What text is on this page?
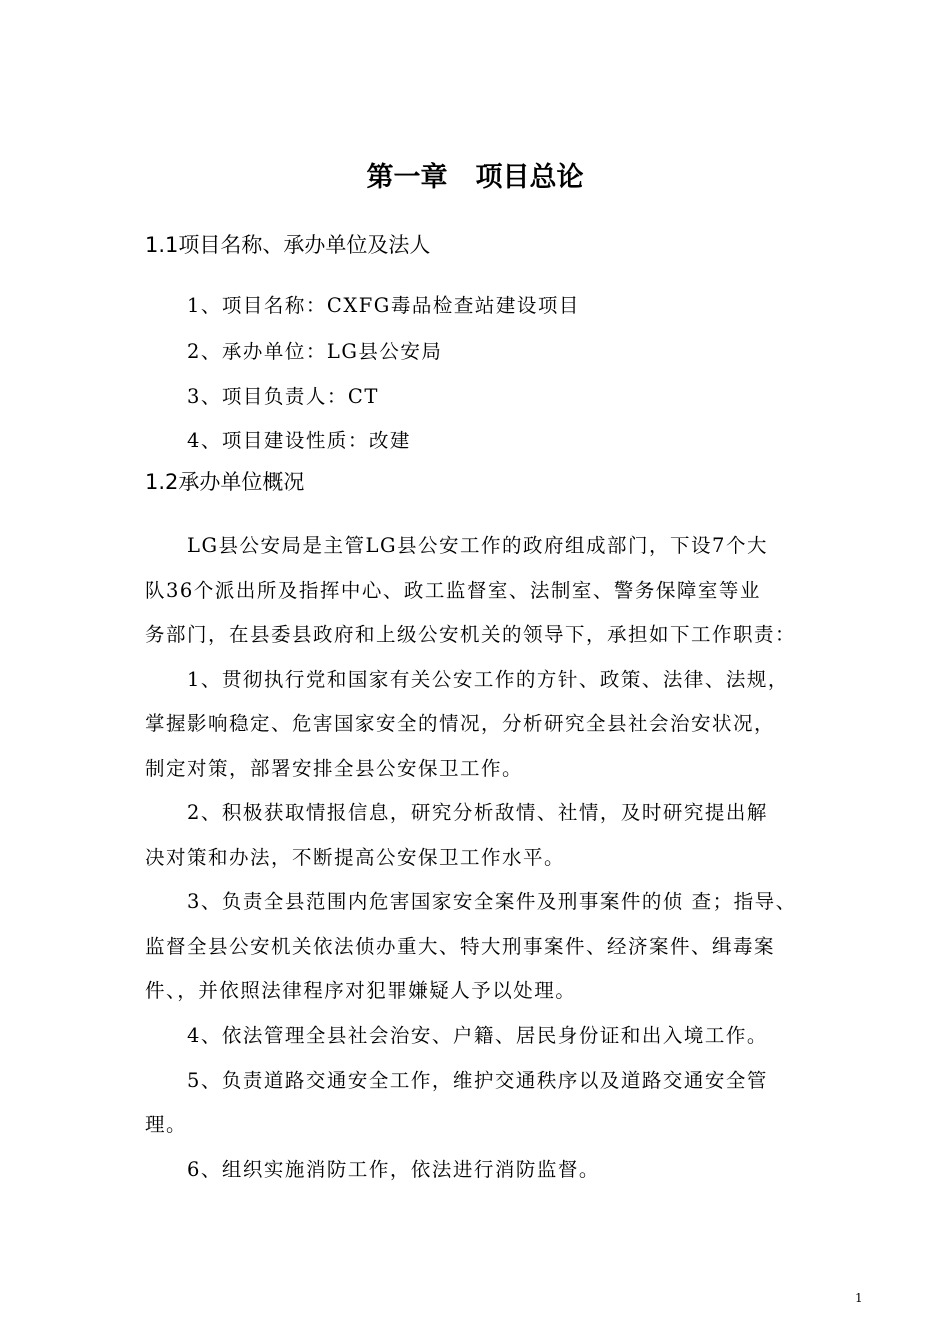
第一章 项目总论
1.1项目名称、承办单位及法人
1、项目名称：CXFG毒品检查站建设项目
2、承办单位：LG县公安局
3、项目负责人：CT
4、项目建设性质：改建
1.2承办单位概况
LG县公安局是主管LG县公安工作的政府组成部门，下设7个大
队36个派出所及指挥中心、政工监督室、法制室、警务保障室等业
务部门，在县委县政府和上级公安机关的领导下，承担如下工作职责：
1、贯彻执行党和国家有关公安工作的方针、政策、法律、法规，
掌握影响稳定、危害国家安全的情况，分析研究全县社会治安状况，
制定对策，部署安排全县公安保卫工作。
2、积极获取情报信息，研究分析敌情、社情，及时研究提出解
决对策和办法，不断提高公安保卫工作水平。
3、负责全县范围内危害国家安全案件及刑事案件的侦 查；指导、
监督全县公安机关依法侦办重大、特大刑事案件、经济案件、缉毒案
件、，并依照法律程序对犯罪嫌疑人予以处理。
4、依法管理全县社会治安、户籍、居民身份证和出入境工作。
5、负责道路交通安全工作，维护交通秩序以及道路交通安全管
理。
6、组织实施消防工作，依法进行消防监督。
1
